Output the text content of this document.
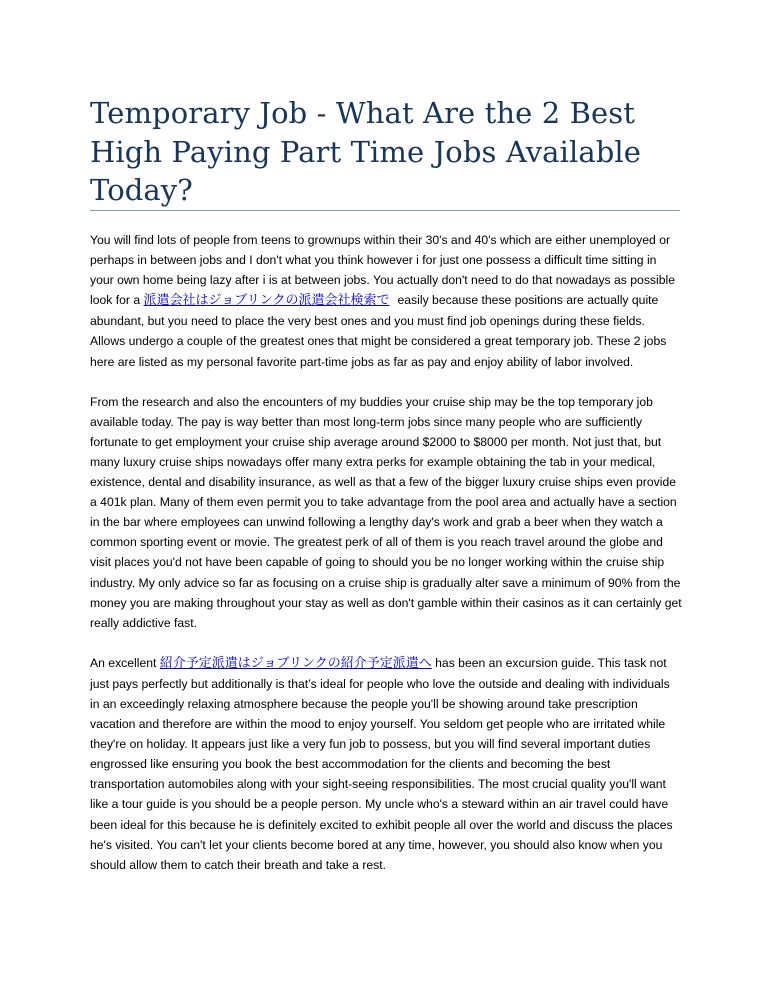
Temporary Job - What Are the 2 Best High Paying Part Time Jobs Available Today?

You will find lots of people from teens to grownups within their 30's and 40's which are either unemployed or perhaps in between jobs and I don't what you think however i for just one possess a difficult time sitting in your own home being lazy after i is at between jobs. You actually don't need to do that nowadays as possible look for a 派遣会社はジョブリンクの派遣会社検索で easily because these positions are actually quite abundant, but you need to place the very best ones and you must find job openings during these fields. Allows undergo a couple of the greatest ones that might be considered a great temporary job. These 2 jobs here are listed as my personal favorite part-time jobs as far as pay and enjoy ability of labor involved.

From the research and also the encounters of my buddies your cruise ship may be the top temporary job available today. The pay is way better than most long-term jobs since many people who are sufficiently fortunate to get employment your cruise ship average around $2000 to $8000 per month. Not just that, but many luxury cruise ships nowadays offer many extra perks for example obtaining the tab in your medical, existence, dental and disability insurance, as well as that a few of the bigger luxury cruise ships even provide a 401k plan. Many of them even permit you to take advantage from the pool area and actually have a section in the bar where employees can unwind following a lengthy day's work and grab a beer when they watch a common sporting event or movie. The greatest perk of all of them is you reach travel around the globe and visit places you'd not have been capable of going to should you be no longer working within the cruise ship industry. My only advice so far as focusing on a cruise ship is gradually alter save a minimum of 90% from the money you are making throughout your stay as well as don't gamble within their casinos as it can certainly get really addictive fast.

An excellent 紹介予定派遣はジョブリンクの紹介予定派遣へ has been an excursion guide. This task not just pays perfectly but additionally is that’s ideal for people who love the outside and dealing with individuals in an exceedingly relaxing atmosphere because the people you'll be showing around take prescription vacation and therefore are within the mood to enjoy yourself. You seldom get people who are irritated while they're on holiday. It appears just like a very fun job to possess, but you will find several important duties engrossed like ensuring you book the best accommodation for the clients and becoming the best transportation automobiles along with your sight-seeing responsibilities. The most crucial quality you'll want like a tour guide is you should be a people person. My uncle who's a steward within an air travel could have been ideal for this because he is definitely excited to exhibit people all over the world and discuss the places he's visited. You can't let your clients become bored at any time, however, you should also know when you should allow them to catch their breath and take a rest.
